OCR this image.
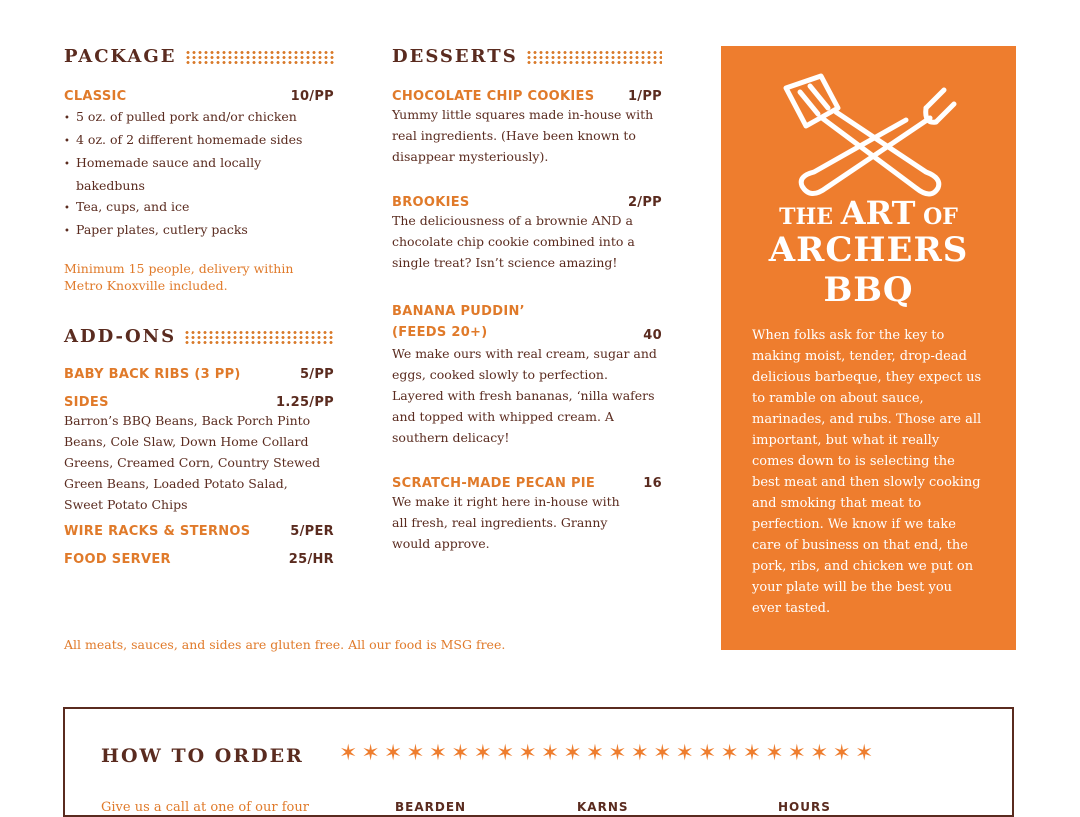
PACKAGE
CLASSIC	10/PP
• 5 oz. of pulled pork and/or chicken
• 4 oz. of 2 different homemade sides
• Homemade sauce and locally bakedbuns
• Tea, cups, and ice
• Paper plates, cutlery packs
Minimum 15 people, delivery within Metro Knoxville included.
ADD-ONS
BABY BACK RIBS (3 PP)	5/PP
SIDES	1.25/PP
Barron’s BBQ Beans, Back Porch Pinto Beans, Cole Slaw, Down Home Collard Greens, Creamed Corn, Country Stewed Green Beans, Loaded Potato Salad, Sweet Potato Chips
WIRE RACKS & STERNOS	5/PER
FOOD SERVER	25/HR
All meats, sauces, and sides are gluten free. All our food is MSG free.
DESSERTS
CHOCOLATE CHIP COOKIES	1/PP
Yummy little squares made in-house with real ingredients. (Have been known to disappear mysteriously).
BROOKIES	2/PP
The deliciousness of a brownie AND a chocolate chip cookie combined into a single treat? Isn’t science amazing!
BANANA PUDDIN’ (FEEDS 20+)	40
We make ours with real cream, sugar and eggs, cooked slowly to perfection. Layered with fresh bananas, ‘nilla wafers and topped with whipped cream. A southern delicacy!
SCRATCH-MADE PECAN PIE	16
We make it right here in-house with all fresh, real ingredients. Granny would approve.
THE ART OF
ARCHERS
BBQ
When folks ask for the key to making moist, tender, drop-dead delicious barbeque, they expect us to ramble on about sauce, marinades, and rubs. Those are all important, but what it really comes down to is selecting the best meat and then slowly cooking and smoking that meat to perfection. We know if we take care of business on that end, the pork, ribs, and chicken we put on your plate will be the best you ever tasted.
HOW TO ORDER ✶✶✶✶✶✶✶✶✶✶✶✶✶✶✶✶✶✶✶✶✶✶✶✶
Give us a call at one of our four	BEARDEN	KARNS	HOURS
